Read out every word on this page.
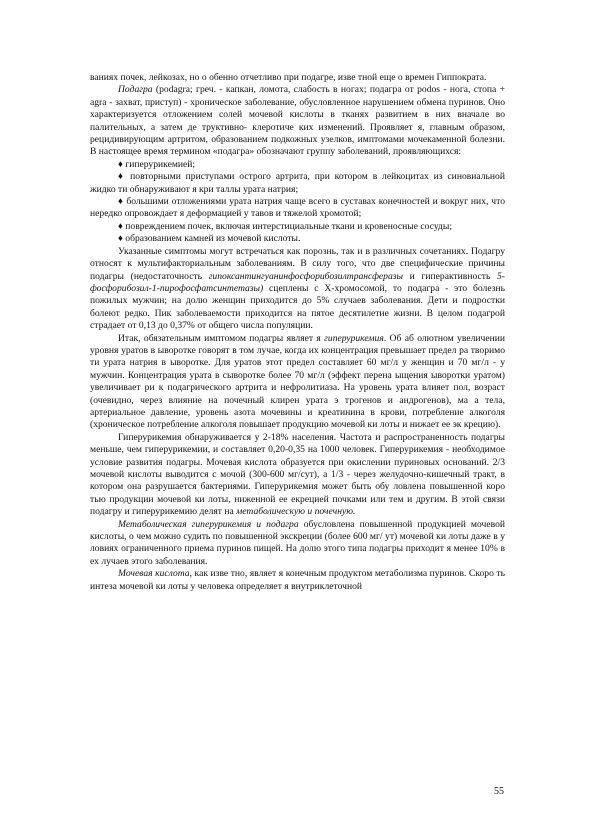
ваниях почек, лейкозах, но о обенно отчетливо при подагре, изве тной еще о времен Гиппократа.

Подагра (podagra; греч. - капкан, ломота, слабость в ногах; подагра от podos - нога, стопа + agra - захват, приступ) - хроническое заболевание, обусловленное нарушением обмена пуринов. Оно характеризуется отложением солей мочевой кислоты в тканях развитием в них вначале во палительных, а затем де труктивно- клеротиче ких изменений. Проявляет я, главным образом, рецидивирующим артритом, образованием подкожных узелков, имптомами мочекаменной болезни. В настоящее время термином «подагра» обозначают группу заболеваний, проявляющихся:

♦ гиперурикемией;

♦ повторными приступами острого артрита, при котором в лейкоцитах из синовиальной жидко ти обнаруживают я кри таллы урата натрия;

♦ большими отложениями урата натрия чаще всего в суставах конечностей и вокруг них, что нередко опровождает я деформацией у тавов и тяжелой хромотой;

♦ повреждением почек, включая интерстициальные ткани и кровеносные сосуды;

♦ образованием камней из мочевой кислоты.

Указанные симптомы могут встречаться как порознь, так и в различных сочетаниях. Подагру относят к мультифакториальным заболеваниям. В силу того, что две специфические причины подагры (недостаточность гипоксантингуанинфосфорибозилтрансферазы и гиперактивность 5-фосфорибозил-1-пирофосфатсинтетазы) сцеплены с Х-хромосомой, то подагра - это болезнь пожилых мужчин; на долю женщин приходится до 5% случаев заболевания. Дети и подростки болеют редко. Пик заболеваемости приходится на пятое десятилетие жизни. В целом подагрой страдает от 0,13 до 0,37% от общего числа популяции.

Итак, обязательным имптомом подагры являет я гиперурикемия. Об аб олютном увеличении уровня уратов в ыворотке говорят в том лучае, когда их концентрация превышает предел ра творимо ти урата натрия в ыворотке. Для уратов этот предел составляет 60 мг/л у женщин и 70 мг/л - у мужчин. Концентрация урата в сыворотке более 70 мг/л (эффект перена ыщения ыворотки уратом) увеличивает ри к подагрического артрита и нефролитиаза. На уровень урата влияет пол, возраст (очевидно, через влияние на почечный клирен урата э трогенов и андрогенов), ма а тела, артериальное давление, уровень азота мочевины и креатинина в крови, потребление алкоголя (хроническое потребление алкоголя повышает продукцию мочевой ки лоты и нижает ее эк крецию).

Гиперурикемия обнаруживается у 2-18% населения. Частота и распространенность подагры меньше, чем гиперурикемии, и составляет 0,20-0,35 на 1000 человек. Гиперурикемия - необходимое условие развития подагры. Мочевая кислота образуется при окислении пуриновых оснований. 2/3 мочевой кислоты выводится с мочой (300-600 мг/сут), а 1/3 - через желудочно-кишечный тракт, в котором она разрушается бактериями. Гиперурикемия может быть обу ловлена повышенной коро тью продукции мочевой ки лоты, ниженной ее екрецией почками или тем и другим. В этой связи подагру и гиперурикемию делят на метаболическую и почечную.

Метаболическая гиперурикемия и подагра обусловлена повышенной продукцией мочевой кислоты, о чем можно судить по повышенной экскреции (более 600 мг/ ут) мочевой ки лоты даже в у ловиях ограниченного приема пуринов пищей. На долю этого типа подагры приходит я менее 10% в ех лучаев этого заболевания.

Мочевая кислота, как изве тно, являет я конечным продуктом метаболизма пуринов. Скоро ть интеза мочевой ки лоты у человека определяет я внутриклеточной

55
